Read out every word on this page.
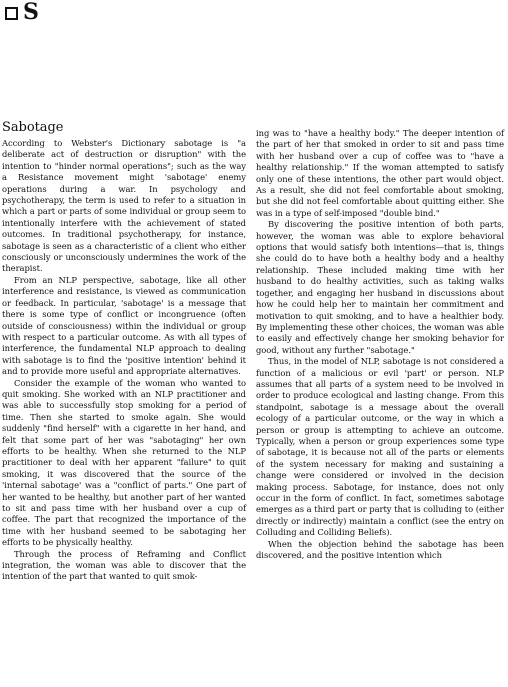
S
Sabotage

According to Webster's Dictionary sabotage is "a deliberate act of destruction or disruption" with the intention to "hinder normal operations"; such as the way a Resistance movement might 'sabotage' enemy operations during a war. In psychology and psychotherapy, the term is used to refer to a situation in which a part or parts of some individual or group seem to intentionally interfere with the achievement of stated outcomes. In traditional psychotherapy, for instance, sabotage is seen as a characteristic of a client who either consciously or unconsciously undermines the work of the therapist.

From an NLP perspective, sabotage, like all other interference and resistance, is viewed as communication or feedback. In particular, 'sabotage' is a message that there is some type of conflict or incongruence (often outside of consciousness) within the individual or group with respect to a particular outcome. As with all types of interference, the fundamental NLP approach to dealing with sabotage is to find the 'positive intention' behind it and to provide more useful and appropriate alternatives.

Consider the example of the woman who wanted to quit smoking. She worked with an NLP practitioner and was able to successfully stop smoking for a period of time. Then she started to smoke again. She would suddenly "find herself" with a cigarette in her hand, and felt that some part of her was "sabotaging" her own efforts to be healthy. When she returned to the NLP practitioner to deal with her apparent "failure" to quit smoking, it was discovered that the source of the 'internal sabotage' was a "conflict of parts." One part of her wanted to be healthy, but another part of her wanted to sit and pass time with her husband over a cup of coffee. The part that recognized the importance of the time with her husband seemed to be sabotaging her efforts to be physically healthy.

Through the process of Reframing and Conflict integration, the woman was able to discover that the intention of the part that wanted to quit smok-

ing was to "have a healthy body." The deeper intention of the part of her that smoked in order to sit and pass time with her husband over a cup of coffee was to "have a healthy relationship." If the woman attempted to satisfy only one of these intentions, the other part would object. As a result, she did not feel comfortable about smoking, but she did not feel comfortable about quitting either. She was in a type of self-imposed "double bind."

By discovering the positive intention of both parts, however, the woman was able to explore behavioral options that would satisfy both intentions—that is, things she could do to have both a healthy body and a healthy relationship. These included making time with her husband to do healthy activities, such as taking walks together, and engaging her husband in discussions about how he could help her to maintain her commitment and motivation to quit smoking, and to have a healthier body. By implementing these other choices, the woman was able to easily and effectively change her smoking behavior for good, without any further "sabotage."

Thus, in the model of NLP, sabotage is not considered a function of a malicious or evil 'part' or person. NLP assumes that all parts of a system need to be involved in order to produce ecological and lasting change. From this standpoint, sabotage is a message about the overall ecology of a particular outcome, or the way in which a person or group is attempting to achieve an outcome. Typically, when a person or group experiences some type of sabotage, it is because not all of the parts or elements of the system necessary for making and sustaining a change were considered or involved in the decision making process. Sabotage, for instance, does not only occur in the form of conflict. In fact, sometimes sabotage emerges as a third part or party that is colluding to (either directly or indirectly) maintain a conflict (see the entry on Colluding and Colliding Beliefs).

When the objection behind the sabotage has been discovered, and the positive intention which
